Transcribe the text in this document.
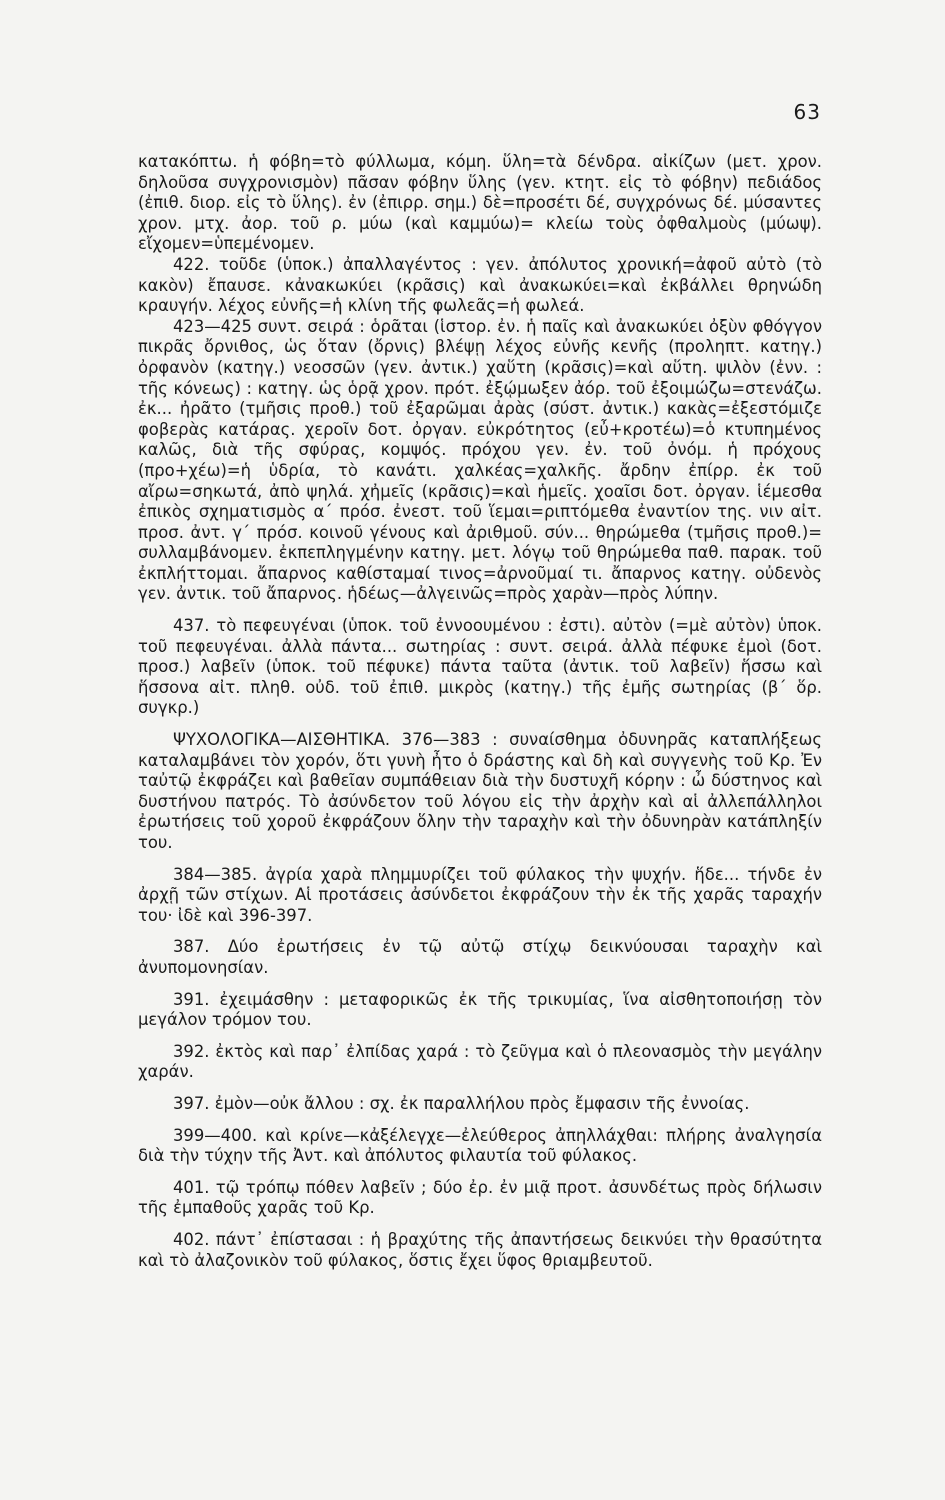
63

κατακόπτω. ἡ φόβη=τὸ φύλλωμα, κόμη. ὕλη=τὰ δένδρα. αἰκίζων (μετ. χρον. δηλοῦσα συγχρονισμὸν) πᾶσαν φόβην ὕλης (γεν. κτητ. εἰς τὸ φόβην) πεδιάδος (ἐπιθ. διορ. εἰς τὸ ὕλης). ἐν (ἐπιρρ. σημ.) δὲ=προσέτι δέ, συγχρόνως δέ. μύσαντες χρον. μτχ. ἀορ. τοῦ ρ. μύω (καὶ καμμύω)= κλείω τοὺς ὀφθαλμοὺς (μύωψ). εἴχομεν=ὑπεμένομεν.

422. τοῦδε (ὑποκ.) ἀπαλλαγέντος : γεν. ἀπόλυτος χρονική=ἀφοῦ αὐτὸ (τὸ κακὸν) ἔπαυσε. κἀνακωκύει (κρᾶσις) καὶ ἀνακωκύει=καὶ ἐκβάλλει θρηνώδη κραυγήν. λέχος εὐνῆς=ἡ κλίνη τῆς φωλεᾶς=ἡ φωλεά.

423—425 συντ. σειρά : ὁρᾶται (ἱστορ. ἐν. ἡ παῖς καὶ ἀνακωκύει ὀξὺν φθόγγον πικρᾶς ὄρνιθος, ὡς ὅταν (ὄρνις) βλέψῃ λέχος εὐνῆς κενῆς (προληπτ. κατηγ.) ὀρφανὸν (κατηγ.) νεοσσῶν (γεν. ἀντικ.) χαὕτη (κρᾶσις)=καὶ αὕτη. ψιλὸν (ἐνν. : τῆς κόνεως) : κατηγ. ὡς ὁρᾷ χρον. πρότ. ἐξῴμωξεν ἀόρ. τοῦ ἐξοιμώζω=στενάζω. ἐκ... ἠρᾶτο (τμῆσις προθ.) τοῦ ἐξαρῶμαι ἀρὰς (σύστ. ἀντικ.) κακὰς=ἐξεστόμιζε φοβερὰς κατάρας. χεροῖν δοτ. ὀργαν. εὐκρότητος (εὖ+κροτέω)=ὁ κτυπημένος καλῶς, διὰ τῆς σφύρας, κομψός. πρόχου γεν. ἐν. τοῦ ὀνόμ. ἡ πρόχους (προ+χέω)=ἡ ὑδρία, τὸ κανάτι. χαλκέας=χαλκῆς. ἄρδην ἐπίρρ. ἐκ τοῦ αἴρω=σηκωτά, ἀπὸ ψηλά. χἠμεῖς (κρᾶσις)=καὶ ἡμεῖς. χοαῖσι δοτ. ὀργαν. ἱέμεσθα ἐπικὸς σχηματισμὸς α΄ πρόσ. ἐνεστ. τοῦ ἵεμαι=ριπτόμεθα ἐναντίον της. νιν αἰτ. προσ. ἀντ. γ΄ πρόσ. κοινοῦ γένους καὶ ἀριθμοῦ. σύν... θηρώμεθα (τμῆσις προθ.)= συλλαμβάνομεν. ἐκπεπληγμένην κατηγ. μετ. λόγῳ τοῦ θηρώμεθα παθ. παρακ. τοῦ ἐκπλήττομαι. ἄπαρνος καθίσταμαί τινος=ἀρνοῦμαί τι. ἄπαρνος κατηγ. οὐδενὸς γεν. ἀντικ. τοῦ ἄπαρνος. ἡδέως—ἀλγεινῶς=πρὸς χαρὰν—πρὸς λύπην.

437. τὸ πεφευγέναι (ὑποκ. τοῦ ἐννοουμένου : ἐστι). αὐτὸν (=μὲ αὐτὸν) ὑποκ. τοῦ πεφευγέναι. ἀλλὰ πάντα... σωτηρίας : συντ. σειρά. ἀλλὰ πέφυκε ἐμοὶ (δοτ. προσ.) λαβεῖν (ὑποκ. τοῦ πέφυκε) πάντα ταῦτα (ἀντικ. τοῦ λαβεῖν) ἥσσω καὶ ἥσσονα αἰτ. πληθ. οὐδ. τοῦ ἐπιθ. μικρὸς (κατηγ.) τῆς ἐμῆς σωτηρίας (β΄ ὅρ. συγκρ.)

ΨΥΧΟΛΟΓΙΚΑ—ΑΙΣΘΗΤΙΚΑ. 376—383 : συναίσθημα ὀδυνηρᾶς καταπλήξεως καταλαμβάνει τὸν χορόν, ὅτι γυνὴ ἦτο ὁ δράστης καὶ δὴ καὶ συγγενὴς τοῦ Κρ. Ἐν ταὐτῷ ἐκφράζει καὶ βαθεῖαν συμπάθειαν διὰ τὴν δυστυχῆ κόρην : ὦ δύστηνος καὶ δυστήνου πατρός. Τὸ ἀσύνδετον τοῦ λόγου εἰς τὴν ἀρχὴν καὶ αἱ ἀλλεπάλληλοι ἐρωτήσεις τοῦ χοροῦ ἐκφράζουν ὅλην τὴν ταραχὴν καὶ τὴν ὀδυνηρὰν κατάπληξίν του.

384—385. ἀγρία χαρὰ πλημμυρίζει τοῦ φύλακος τὴν ψυχήν. ἥδε... τήνδε ἐν ἀρχῇ τῶν στίχων. Αἱ προτάσεις ἀσύνδετοι ἐκφράζουν τὴν ἐκ τῆς χαρᾶς ταραχήν του· ἰδὲ καὶ 396-397.

387. Δύο ἐρωτήσεις ἐν τῷ αὐτῷ στίχῳ δεικνύουσαι ταραχὴν καὶ ἀνυπομονησίαν.

391. ἐχειμάσθην : μεταφορικῶς ἐκ τῆς τρικυμίας, ἵνα αἰσθητοποιήσῃ τὸν μεγάλον τρόμον του.

392. ἐκτὸς καὶ παρ᾽ ἐλπίδας χαρά : τὸ ζεῦγμα καὶ ὁ πλεονασμὸς τὴν μεγάλην χαράν.

397. ἐμὸν—οὐκ ἄλλου : σχ. ἐκ παραλλήλου πρὸς ἔμφασιν τῆς ἐννοίας.

399—400. καὶ κρίνε—κἀξέλεγχε—ἐλεύθερος ἀπηλλάχθαι: πλήρης ἀναλγησία διὰ τὴν τύχην τῆς Ἀντ. καὶ ἀπόλυτος φιλαυτία τοῦ φύλακος.

401. τῷ τρόπῳ πόθεν λαβεῖν ; δύο ἐρ. ἐν μιᾷ προτ. ἀσυνδέτως πρὸς δήλωσιν τῆς ἐμπαθοῦς χαρᾶς τοῦ Κρ.

402. πάντ᾽ ἐπίστασαι : ἡ βραχύτης τῆς ἀπαντήσεως δεικνύει τὴν θρασύτητα καὶ τὸ ἀλαζονικὸν τοῦ φύλακος, ὅστις ἔχει ὕφος θριαμβευτοῦ.
